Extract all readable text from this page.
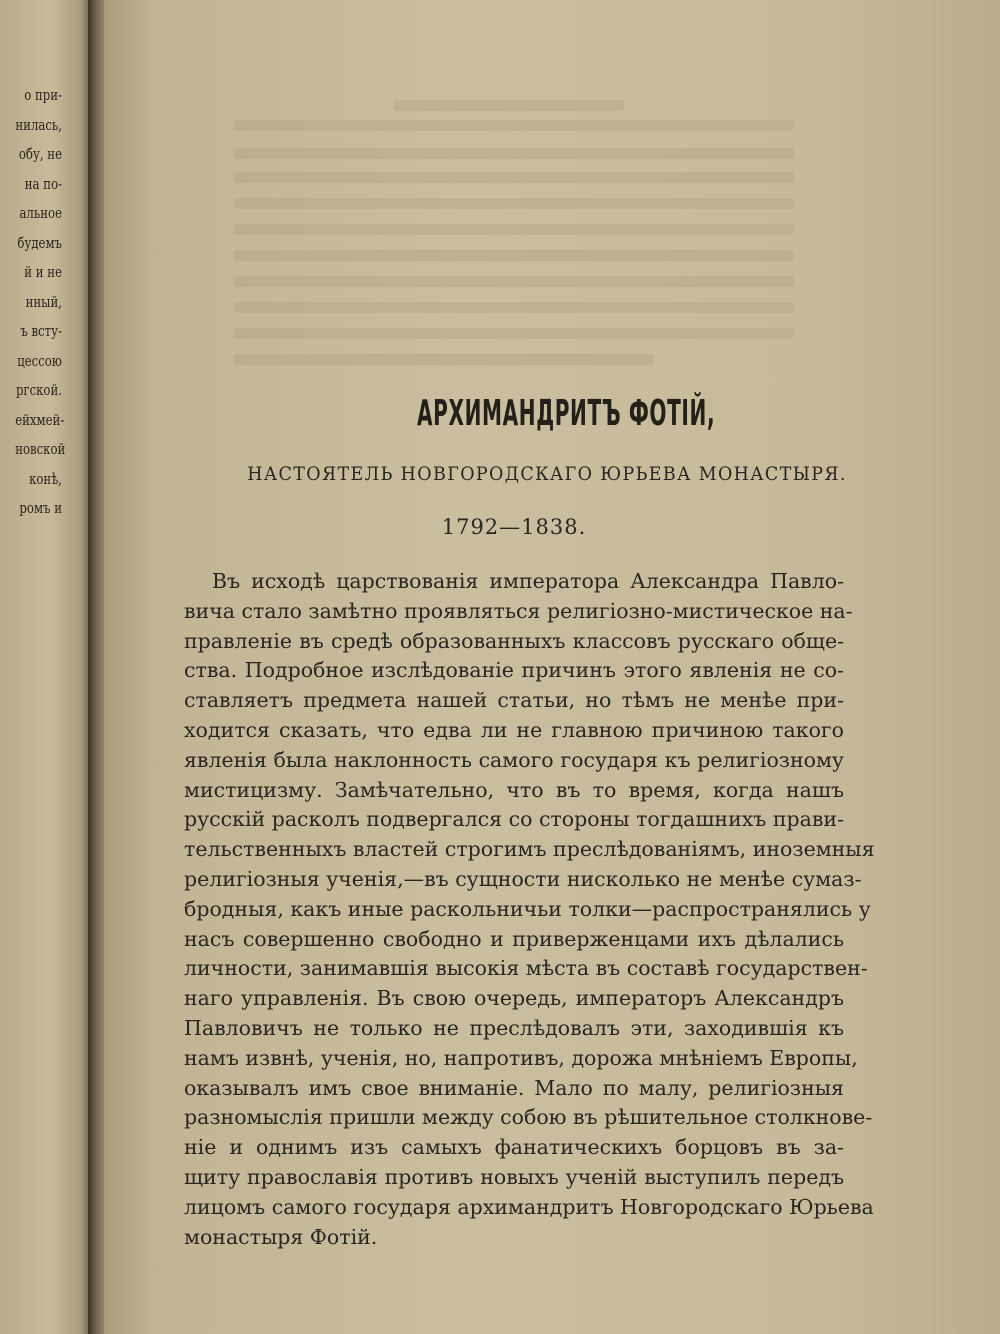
о при-
нилась,
обу, не
на по-
альное
будемъ
й и не
нный,
ъ всту-
цессою
ргской.
ейхмей-
новской
конѣ,
ромъ и
АРХИМАНДРИТЪ ФОТІЙ,
НАСТОЯТЕЛЬ НОВГОРОДСКАГО ЮРЬЕВА МОНАСТЫРЯ.
1792—1838.
Въ исходѣ царствованія императора Александра Павло-
вича стало замѣтно проявляться религіозно-мистическое на-
правленіе въ средѣ образованныхъ классовъ русскаго обще-
ства. Подробное изслѣдованіе причинъ этого явленія не со-
ставляетъ предмета нашей статьи, но тѣмъ не менѣе при-
ходится сказать, что едва ли не главною причиною такого
явленія была наклонность самого государя къ религіозному
мистицизму. Замѣчательно, что въ то время, когда нашъ
русскій расколъ подвергался со стороны тогдашнихъ прави-
тельственныхъ властей строгимъ преслѣдованіямъ, иноземныя
религіозныя ученія,—въ сущности нисколько не менѣе сумаз-
бродныя, какъ иные раскольничьи толки—распространялись у
насъ совершенно свободно и приверженцами ихъ дѣлались
личности, занимавшія высокія мѣста въ составѣ государствен-
наго управленія. Въ свою очередь, императоръ Александръ
Павловичъ не только не преслѣдовалъ эти, заходившія къ
намъ извнѣ, ученія, но, напротивъ, дорожа мнѣніемъ Европы,
оказывалъ имъ свое вниманіе. Мало по малу, религіозныя
разномыслія пришли между собою въ рѣшительное столкнове-
ніе и однимъ изъ самыхъ фанатическихъ борцовъ въ за-
щиту православія противъ новыхъ ученій выступилъ передъ
лицомъ самого государя архимандритъ Новгородскаго Юрьева
монастыря Фотій.
